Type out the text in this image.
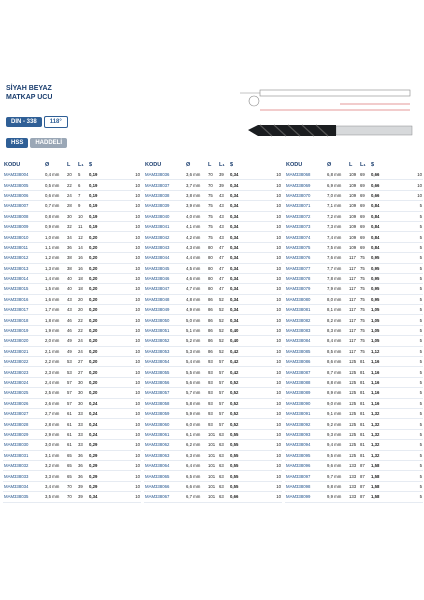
SİYAH BEYAZ
MATKAP UCU
DIN - 338 118°
HSS HADDELİ
KODU	Ø	L	L₁	$	
MAM338004	0,4 mm	20	5	0,19	10
MAM338005	0,5 mm	22	6	0,19	10
MAM338006	0,6 mm	24	7	0,19	10
MAM338007	0,7 mm	28	9	0,19	10
MAM338008	0,8 mm	30	10	0,19	10
MAM338009	0,9 mm	32	11	0,19	10
MAM338010	1,0 mm	34	12	0,20	10
MAM338011	1,1 mm	36	14	0,20	10
MAM338012	1,2 mm	38	16	0,20	10
MAM338013	1,3 mm	38	16	0,20	10
MAM338014	1,4 mm	40	18	0,20	10
MAM338015	1,5 mm	40	18	0,20	10
MAM338016	1,6 mm	43	20	0,20	10
MAM338017	1,7 mm	43	20	0,20	10
MAM338018	1,8 mm	46	22	0,20	10
MAM338019	1,9 mm	46	22	0,20	10
MAM338020	2,0 mm	49	24	0,20	10
MAM338021	2,1 mm	49	24	0,20	10
MAM338022	2,2 mm	53	27	0,20	10
MAM338023	2,3 mm	53	27	0,20	10
MAM338024	2,4 mm	57	30	0,20	10
MAM338025	2,5 mm	57	30	0,20	10
MAM338026	2,6 mm	57	30	0,24	10
MAM338027	2,7 mm	61	33	0,24	10
MAM338028	2,8 mm	61	33	0,24	10
MAM338029	2,9 mm	61	33	0,24	10
MAM338030	3,0 mm	61	33	0,29	10
MAM338031	3,1 mm	65	36	0,29	10
MAM338032	3,2 mm	65	36	0,29	10
MAM338033	3,3 mm	65	36	0,29	10
MAM338034	3,4 mm	70	39	0,29	10
MAM338035	3,5 mm	70	39	0,34	10
KODU	Ø	L	L₁	$	
MAM338036	3,6 mm	70	39	0,34	10
MAM338037	3,7 mm	70	39	0,34	10
MAM338038	3,8 mm	75	43	0,34	10
MAM338039	3,9 mm	75	43	0,34	10
MAM338040	4,0 mm	75	43	0,34	10
MAM338041	4,1 mm	75	43	0,34	10
MAM338042	4,2 mm	75	43	0,34	10
MAM338043	4,3 mm	80	47	0,34	10
MAM338044	4,4 mm	80	47	0,34	10
MAM338045	4,5 mm	80	47	0,34	10
MAM338046	4,6 mm	80	47	0,34	10
MAM338047	4,7 mm	80	47	0,34	10
MAM338048	4,8 mm	86	52	0,34	10
MAM338049	4,9 mm	86	52	0,34	10
MAM338050	5,0 mm	86	52	0,34	10
MAM338051	5,1 mm	86	52	0,40	10
MAM338052	5,2 mm	86	52	0,40	10
MAM338053	5,3 mm	86	52	0,42	10
MAM338054	5,4 mm	93	57	0,42	10
MAM338055	5,5 mm	93	57	0,42	10
MAM338056	5,6 mm	93	57	0,52	10
MAM338057	5,7 mm	93	57	0,52	10
MAM338058	5,8 mm	93	57	0,52	10
MAM338059	5,9 mm	93	57	0,52	10
MAM338060	6,0 mm	93	57	0,52	10
MAM338061	6,1 mm	101	63	0,55	10
MAM338062	6,2 mm	101	63	0,55	10
MAM338063	6,3 mm	101	63	0,55	10
MAM338064	6,4 mm	101	63	0,55	10
MAM338065	6,5 mm	101	63	0,55	10
MAM338066	6,6 mm	101	63	0,55	10
MAM338067	6,7 mm	101	63	0,66	10
KODU	Ø	L	L₁	$	
MAM338068	6,8 mm	109	69	0,66	10
MAM338069	6,9 mm	109	69	0,66	10
MAM338070	7,0 mm	109	69	0,66	10
MAM338071	7,1 mm	109	69	0,84	5
MAM338072	7,2 mm	109	69	0,84	5
MAM338073	7,3 mm	109	69	0,84	5
MAM338074	7,4 mm	109	69	0,84	5
MAM338075	7,5 mm	109	69	0,84	5
MAM338076	7,6 mm	117	75	0,95	5
MAM338077	7,7 mm	117	75	0,95	5
MAM338078	7,8 mm	117	75	0,95	5
MAM338079	7,9 mm	117	75	0,95	5
MAM338080	8,0 mm	117	75	0,95	5
MAM338081	8,1 mm	117	75	1,05	5
MAM338082	8,2 mm	117	75	1,05	5
MAM338083	8,3 mm	117	75	1,05	5
MAM338084	8,4 mm	117	75	1,05	5
MAM338085	8,5 mm	117	75	1,12	5
MAM338086	8,6 mm	125	81	1,16	5
MAM338087	8,7 mm	125	81	1,16	5
MAM338088	8,8 mm	125	81	1,16	5
MAM338089	8,9 mm	125	81	1,16	5
MAM338090	9,0 mm	125	81	1,16	5
MAM338091	9,1 mm	125	81	1,32	5
MAM338092	9,2 mm	125	81	1,32	5
MAM338093	9,3 mm	125	81	1,32	5
MAM338094	9,4 mm	125	81	1,32	5
MAM338095	9,5 mm	125	81	1,32	5
MAM338096	9,6 mm	133	87	1,58	5
MAM338097	9,7 mm	133	87	1,58	5
MAM338098	9,8 mm	133	87	1,58	5
MAM338099	9,9 mm	133	87	1,58	5
